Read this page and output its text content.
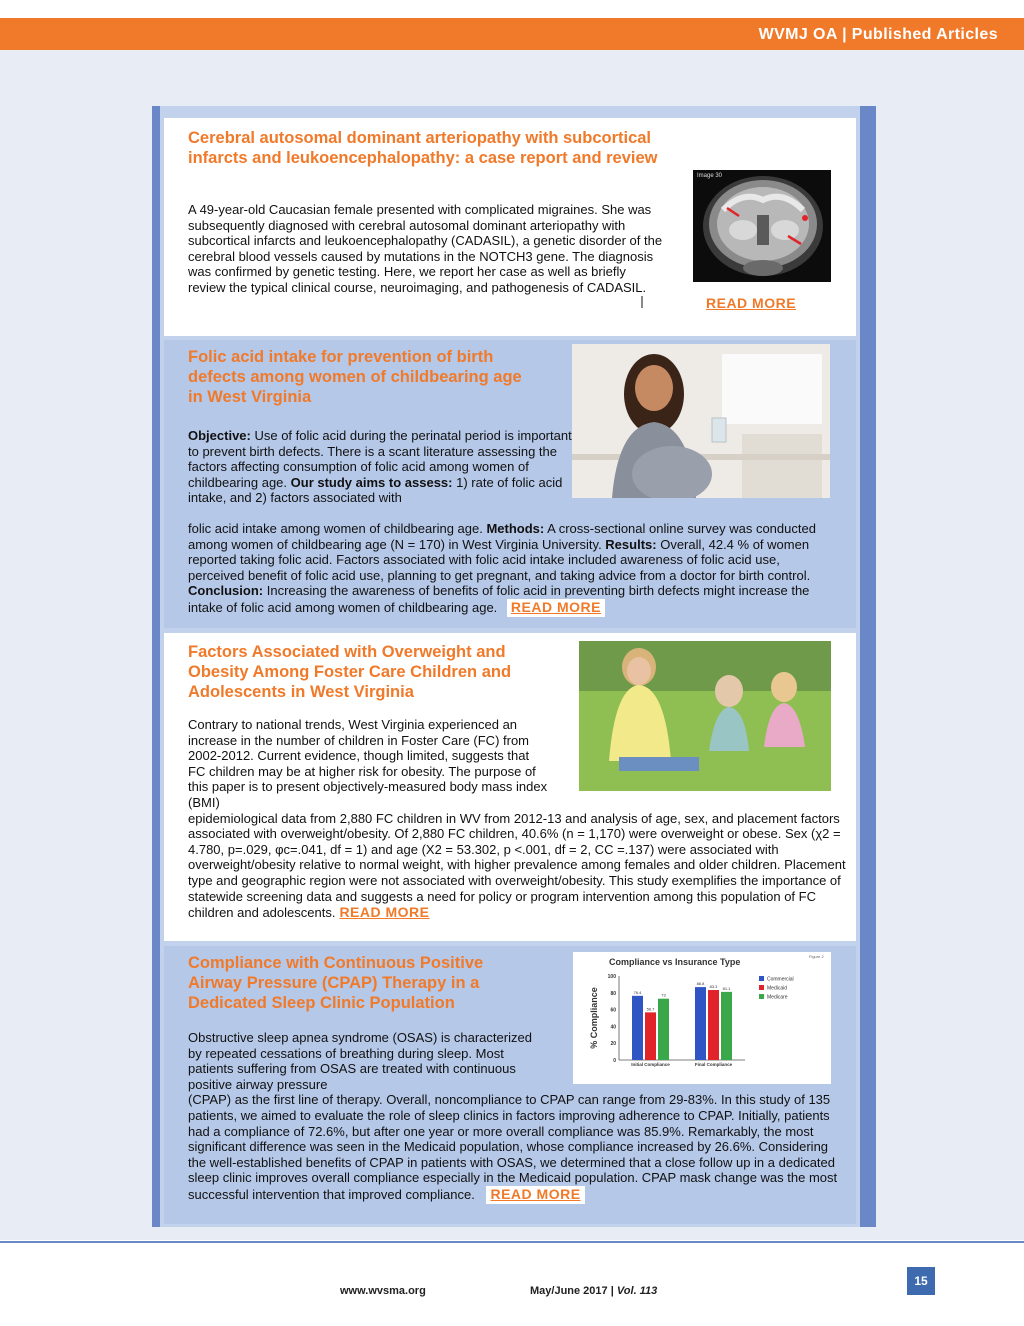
WVMJ OA | Published Articles
Cerebral autosomal dominant arteriopathy with subcortical infarcts and leukoencephalopathy: a case report and review
A 49-year-old Caucasian female presented with complicated migraines. She was subsequently diagnosed with cerebral autosomal dominant arteriopathy with subcortical infarcts and leukoencephalopathy (CADASIL), a genetic disorder of the cerebral blood vessels caused by mutations in the NOTCH3 gene. The diagnosis was confirmed by genetic testing. Here, we report her case as well as briefly review the typical clinical course, neuroimaging, and pathogenesis of CADASIL.
Image 30
READ MORE
Folic acid intake for prevention of birth defects among women of childbearing age in West Virginia
Objective: Use of folic acid during the perinatal period is important to prevent birth defects. There is a scant literature assessing the factors affecting consumption of folic acid among women of childbearing age. Our study aims to assess: 1) rate of folic acid intake, and 2) factors associated with
folic acid intake among women of childbearing age. Methods: A cross-sectional online survey was conducted among women of childbearing age (N = 170) in West Virginia University. Results: Overall, 42.4 % of women reported taking folic acid. Factors associated with folic acid intake included awareness of folic acid use, perceived benefit of folic acid use, planning to get pregnant, and taking advice from a doctor for birth control. Conclusion: Increasing the awareness of benefits of folic acid in preventing birth defects might increase the intake of folic acid among women of childbearing age. READ MORE
Factors Associated with Overweight and Obesity Among Foster Care Children and Adolescents in West Virginia
Contrary to national trends, West Virginia experienced an increase in the number of children in Foster Care (FC) from 2002-2012. Current evidence, though limited, suggests that FC children may be at higher risk for obesity. The purpose of this paper is to present objectively-measured body mass index (BMI)
epidemiological data from 2,880 FC children in WV from 2012-13 and analysis of age, sex, and placement factors associated with overweight/obesity. Of 2,880 FC children, 40.6% (n = 1,170) were overweight or obese. Sex (χ2 = 4.780, p=.029, φc=.041, df = 1) and age (X2 = 53.302, p <.001, df = 2, CC =.137) were associated with overweight/obesity relative to normal weight, with higher prevalence among females and older children. Placement type and geographic region were not associated with overweight/obesity. This study exemplifies the importance of statewide screening data and suggests a need for policy or program intervention among this population of FC children and adolescents. READ MORE
Compliance with Continuous Positive Airway Pressure (CPAP) Therapy in a Dedicated Sleep Clinic Population
Compliance vs Insurance Type
Figure 2
% Compliance
100
80
60
40
20
0
76.4
56.7
73
Initial Compliance
86.8
83.3 81.1
Final Compliance
Commercial
Medicaid
Medicare
Obstructive sleep apnea syndrome (OSAS) is characterized by repeated cessations of breathing during sleep. Most patients suffering from OSAS are treated with continuous positive airway pressure
(CPAP) as the first line of therapy. Overall, noncompliance to CPAP can range from 29-83%. In this study of 135 patients, we aimed to evaluate the role of sleep clinics in factors improving adherence to CPAP. Initially, patients had a compliance of 72.6%, but after one year or more overall compliance was 85.9%. Remarkably, the most significant difference was seen in the Medicaid population, whose compliance increased by 26.6%. Considering the well-established benefits of CPAP in patients with OSAS, we determined that a close follow up in a dedicated sleep clinic improves overall compliance especially in the Medicaid population. CPAP mask change was the most successful intervention that improved compliance. READ MORE
15
www.wvsma.org	May/June 2017 | Vol. 113
